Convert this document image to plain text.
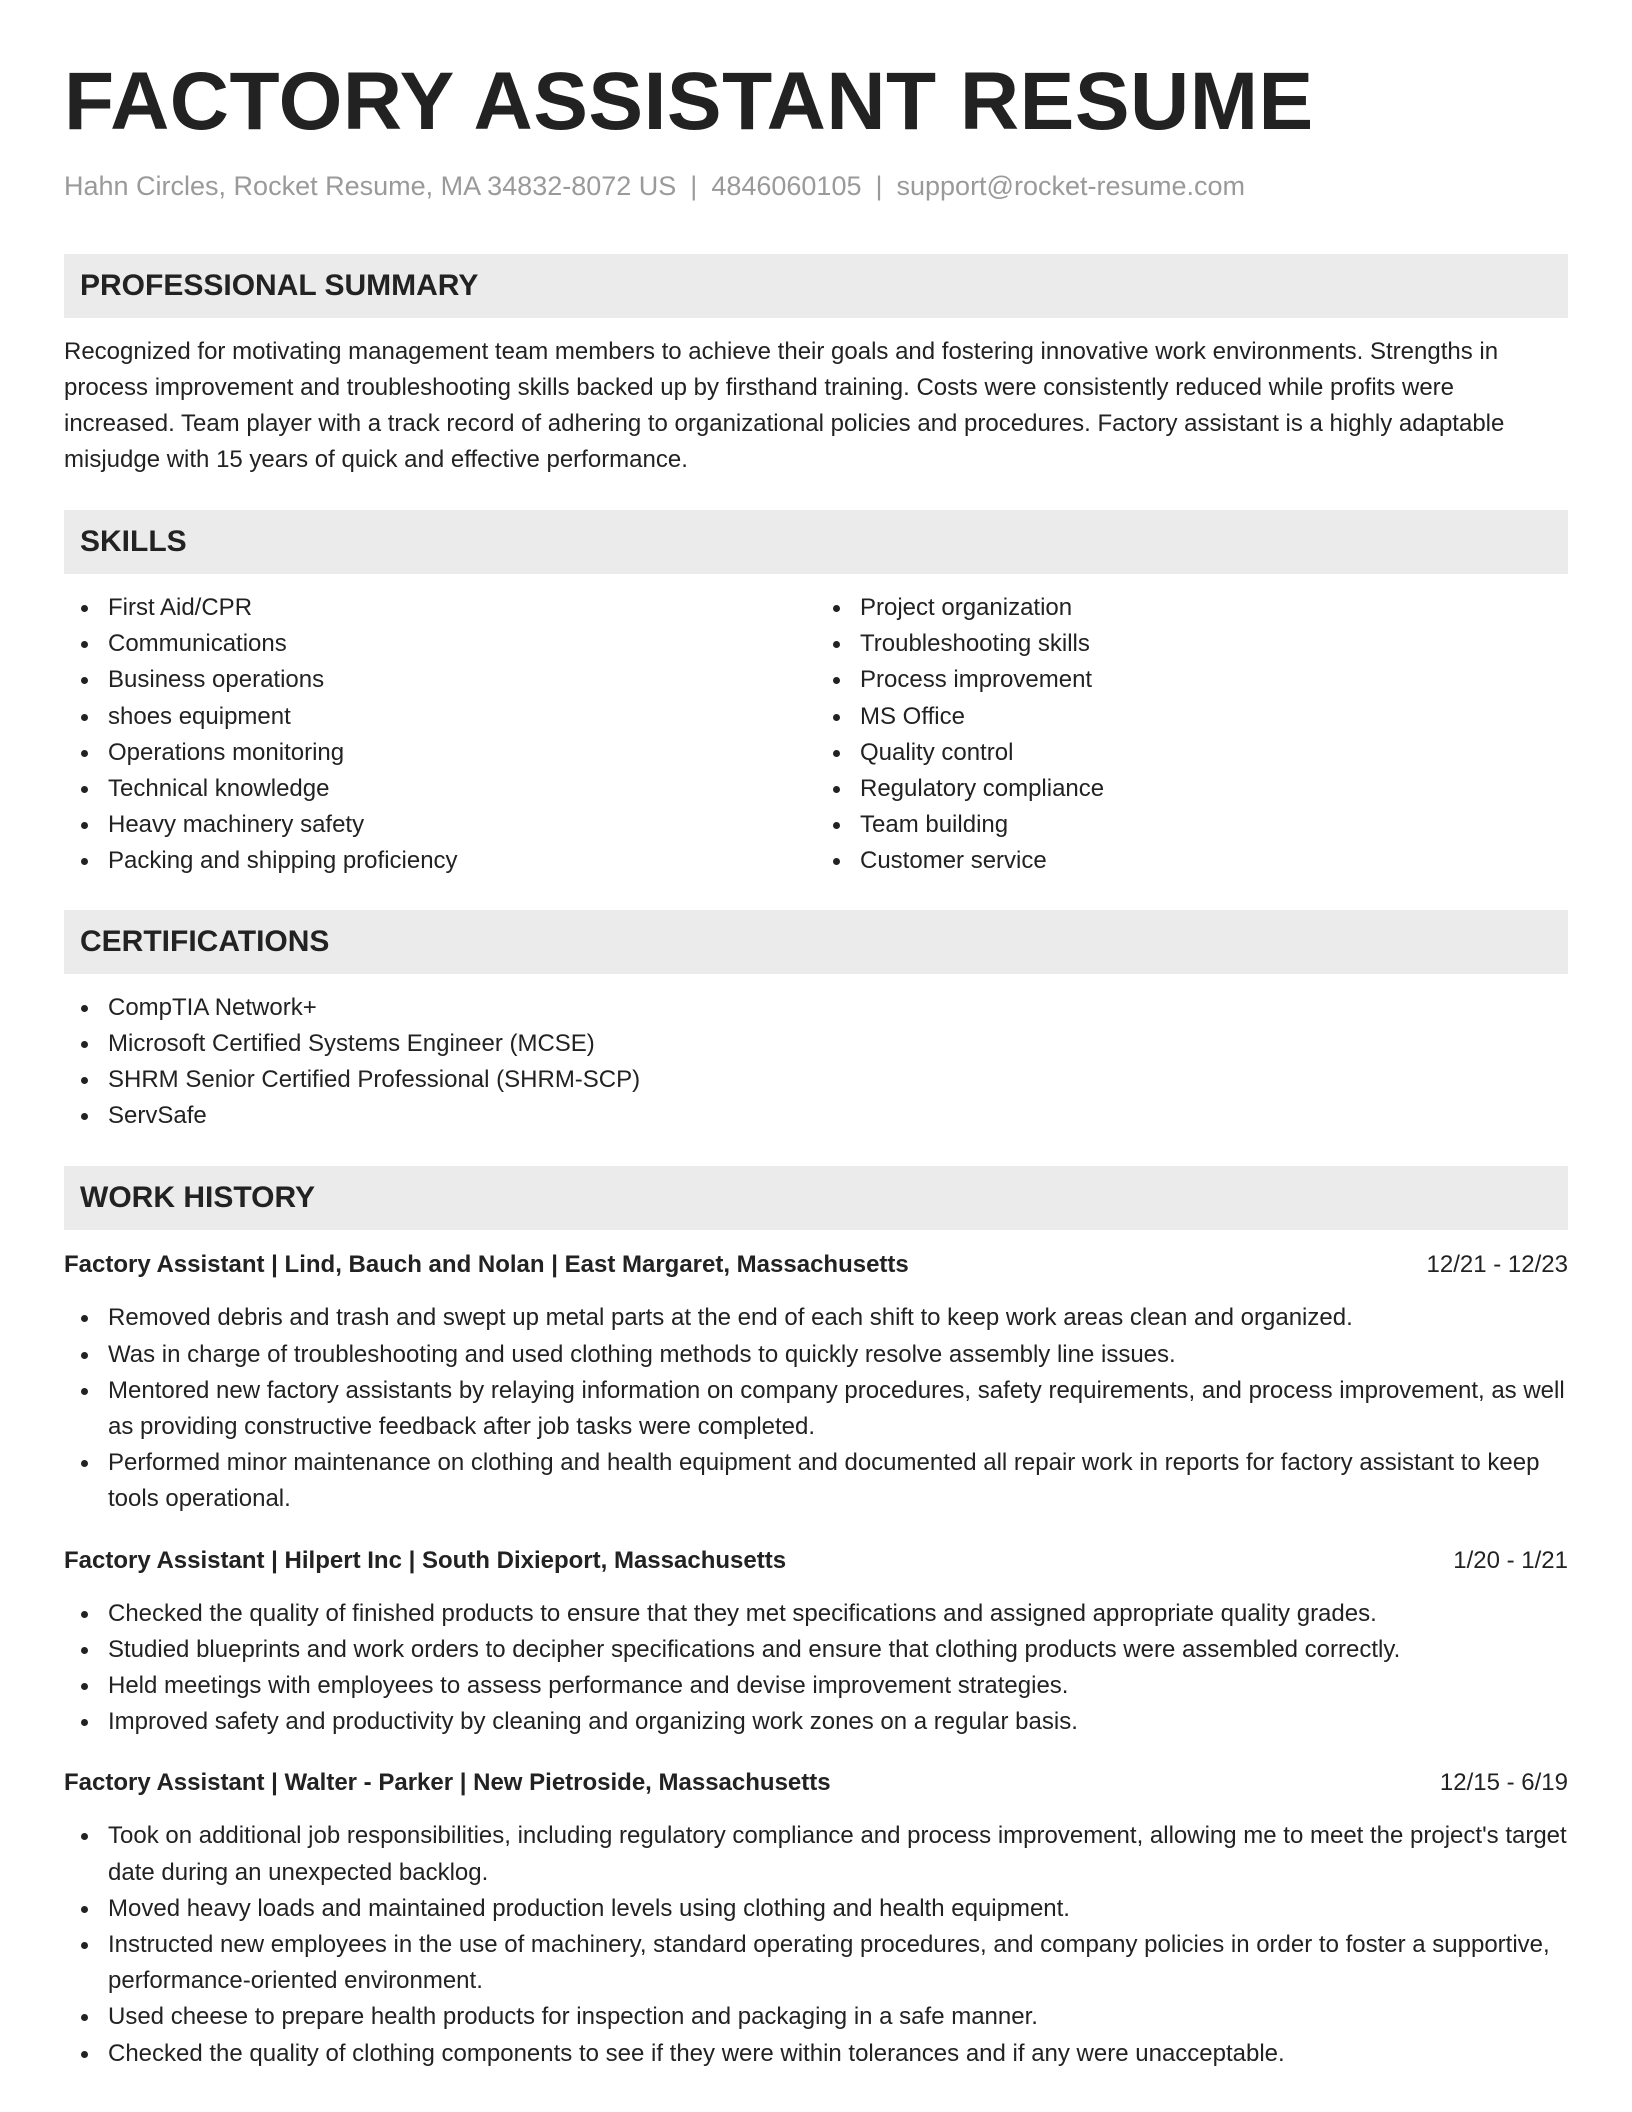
FACTORY ASSISTANT RESUME
Hahn Circles, Rocket Resume, MA 34832-8072 US | 4846060105 | support@rocket-resume.com
PROFESSIONAL SUMMARY

Recognized for motivating management team members to achieve their goals and fostering innovative work environments. Strengths in process improvement and troubleshooting skills backed up by firsthand training. Costs were consistently reduced while profits were increased. Team player with a track record of adhering to organizational policies and procedures. Factory assistant is a highly adaptable misjudge with 15 years of quick and effective performance.

SKILLS
First Aid/CPR
Communications
Business operations
shoes equipment
Operations monitoring
Technical knowledge
Heavy machinery safety
Packing and shipping proficiency
Project organization
Troubleshooting skills
Process improvement
MS Office
Quality control
Regulatory compliance
Team building
Customer service
CERTIFICATIONS
CompTIA Network+
Microsoft Certified Systems Engineer (MCSE)
SHRM Senior Certified Professional (SHRM-SCP)
ServSafe
WORK HISTORY
Factory Assistant | Lind, Bauch and Nolan | East Margaret, Massachusetts	12/21 - 12/23
Removed debris and trash and swept up metal parts at the end of each shift to keep work areas clean and organized.
Was in charge of troubleshooting and used clothing methods to quickly resolve assembly line issues.
Mentored new factory assistants by relaying information on company procedures, safety requirements, and process improvement, as well as providing constructive feedback after job tasks were completed.
Performed minor maintenance on clothing and health equipment and documented all repair work in reports for factory assistant to keep tools operational.
Factory Assistant | Hilpert Inc | South Dixieport, Massachusetts	1/20 - 1/21
Checked the quality of finished products to ensure that they met specifications and assigned appropriate quality grades.
Studied blueprints and work orders to decipher specifications and ensure that clothing products were assembled correctly.
Held meetings with employees to assess performance and devise improvement strategies.
Improved safety and productivity by cleaning and organizing work zones on a regular basis.
Factory Assistant | Walter - Parker | New Pietroside, Massachusetts	12/15 - 6/19
Took on additional job responsibilities, including regulatory compliance and process improvement, allowing me to meet the project's target date during an unexpected backlog.
Moved heavy loads and maintained production levels using clothing and health equipment.
Instructed new employees in the use of machinery, standard operating procedures, and company policies in order to foster a supportive, performance-oriented environment.
Used cheese to prepare health products for inspection and packaging in a safe manner.
Checked the quality of clothing components to see if they were within tolerances and if any were unacceptable.
